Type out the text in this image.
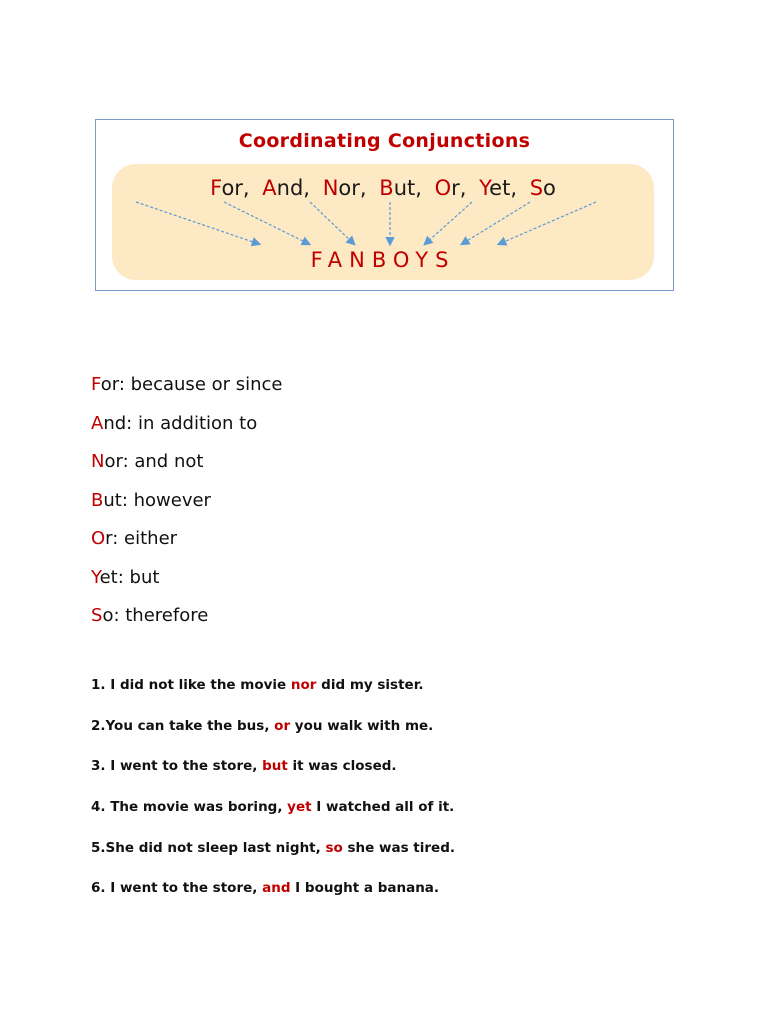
Coordinating Conjunctions
For, And, Nor, But, Or, Yet, So
FANBOYS
For: because or since
And: in addition to
Nor: and not
But: however
Or: either
Yet: but
So: therefore
1. I did not like the movie nor did my sister.
2.You can take the bus, or you walk with me.
3. I went to the store, but it was closed.
4. The movie was boring, yet I watched all of it.
5.She did not sleep last night, so she was tired.
6. I went to the store, and I bought a banana.
